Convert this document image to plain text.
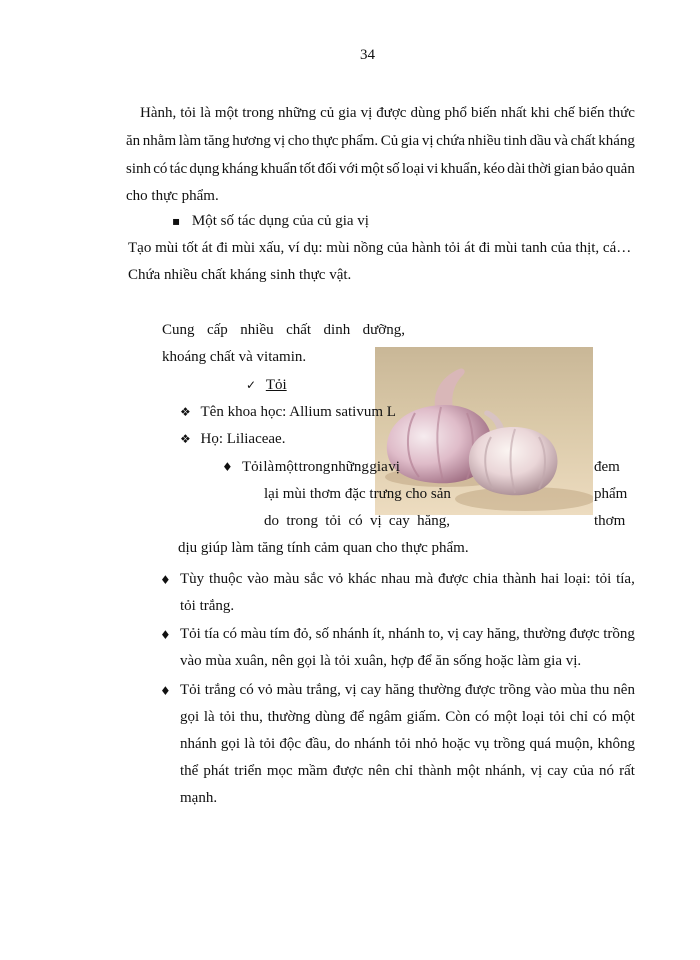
34
Hành, tỏi là một trong những củ gia vị được dùng phổ biến nhất khi chế biến thức
ăn nhằm làm tăng hương vị cho thực phẩm. Củ gia vị chứa nhiều tinh dầu và chất kháng
sinh có tác dụng kháng khuẩn tốt đối với một số loại vi khuẩn, kéo dài thời gian bảo quản
cho thực phẩm.
▪ Một số tác dụng của củ gia vị
Tạo mùi tốt át đi mùi xấu, ví dụ: mùi nồng của hành tỏi át đi mùi tanh của thịt, cá…
Chứa nhiều chất kháng sinh thực vật.
Cung cấp nhiều chất dinh dưỡng,
khoáng chất và vitamin.
✓ Tỏi
❖ Tên khoa học: Allium sativum L
❖ Họ: Liliaceae.
♦ Tỏi là một trong những gia vị	đem
lại mùi thơm đặc trưng cho sản	phẩm
do trong tỏi có vị cay hăng,	thơm
dịu giúp làm tăng tính cảm quan cho thực phẩm.
♦ Tùy thuộc vào màu sắc vỏ khác nhau mà được chia thành hai loại: tỏi tía,
tỏi trắng.
♦ Tỏi tía có màu tím đỏ, số nhánh ít, nhánh to, vị cay hăng, thường được trồng
vào mùa xuân, nên gọi là tỏi xuân, hợp để ăn sống hoặc làm gia vị.
♦ Tỏi trắng có vỏ màu trắng, vị cay hăng thường được trồng vào mùa thu nên
gọi là tỏi thu, thường dùng để ngâm giấm. Còn có một loại tỏi chỉ có một
nhánh gọi là tỏi độc đầu, do nhánh tỏi nhỏ hoặc vụ trồng quá muộn, không
thể phát triển mọc mầm được nên chỉ thành một nhánh, vị cay của nó rất
mạnh.
